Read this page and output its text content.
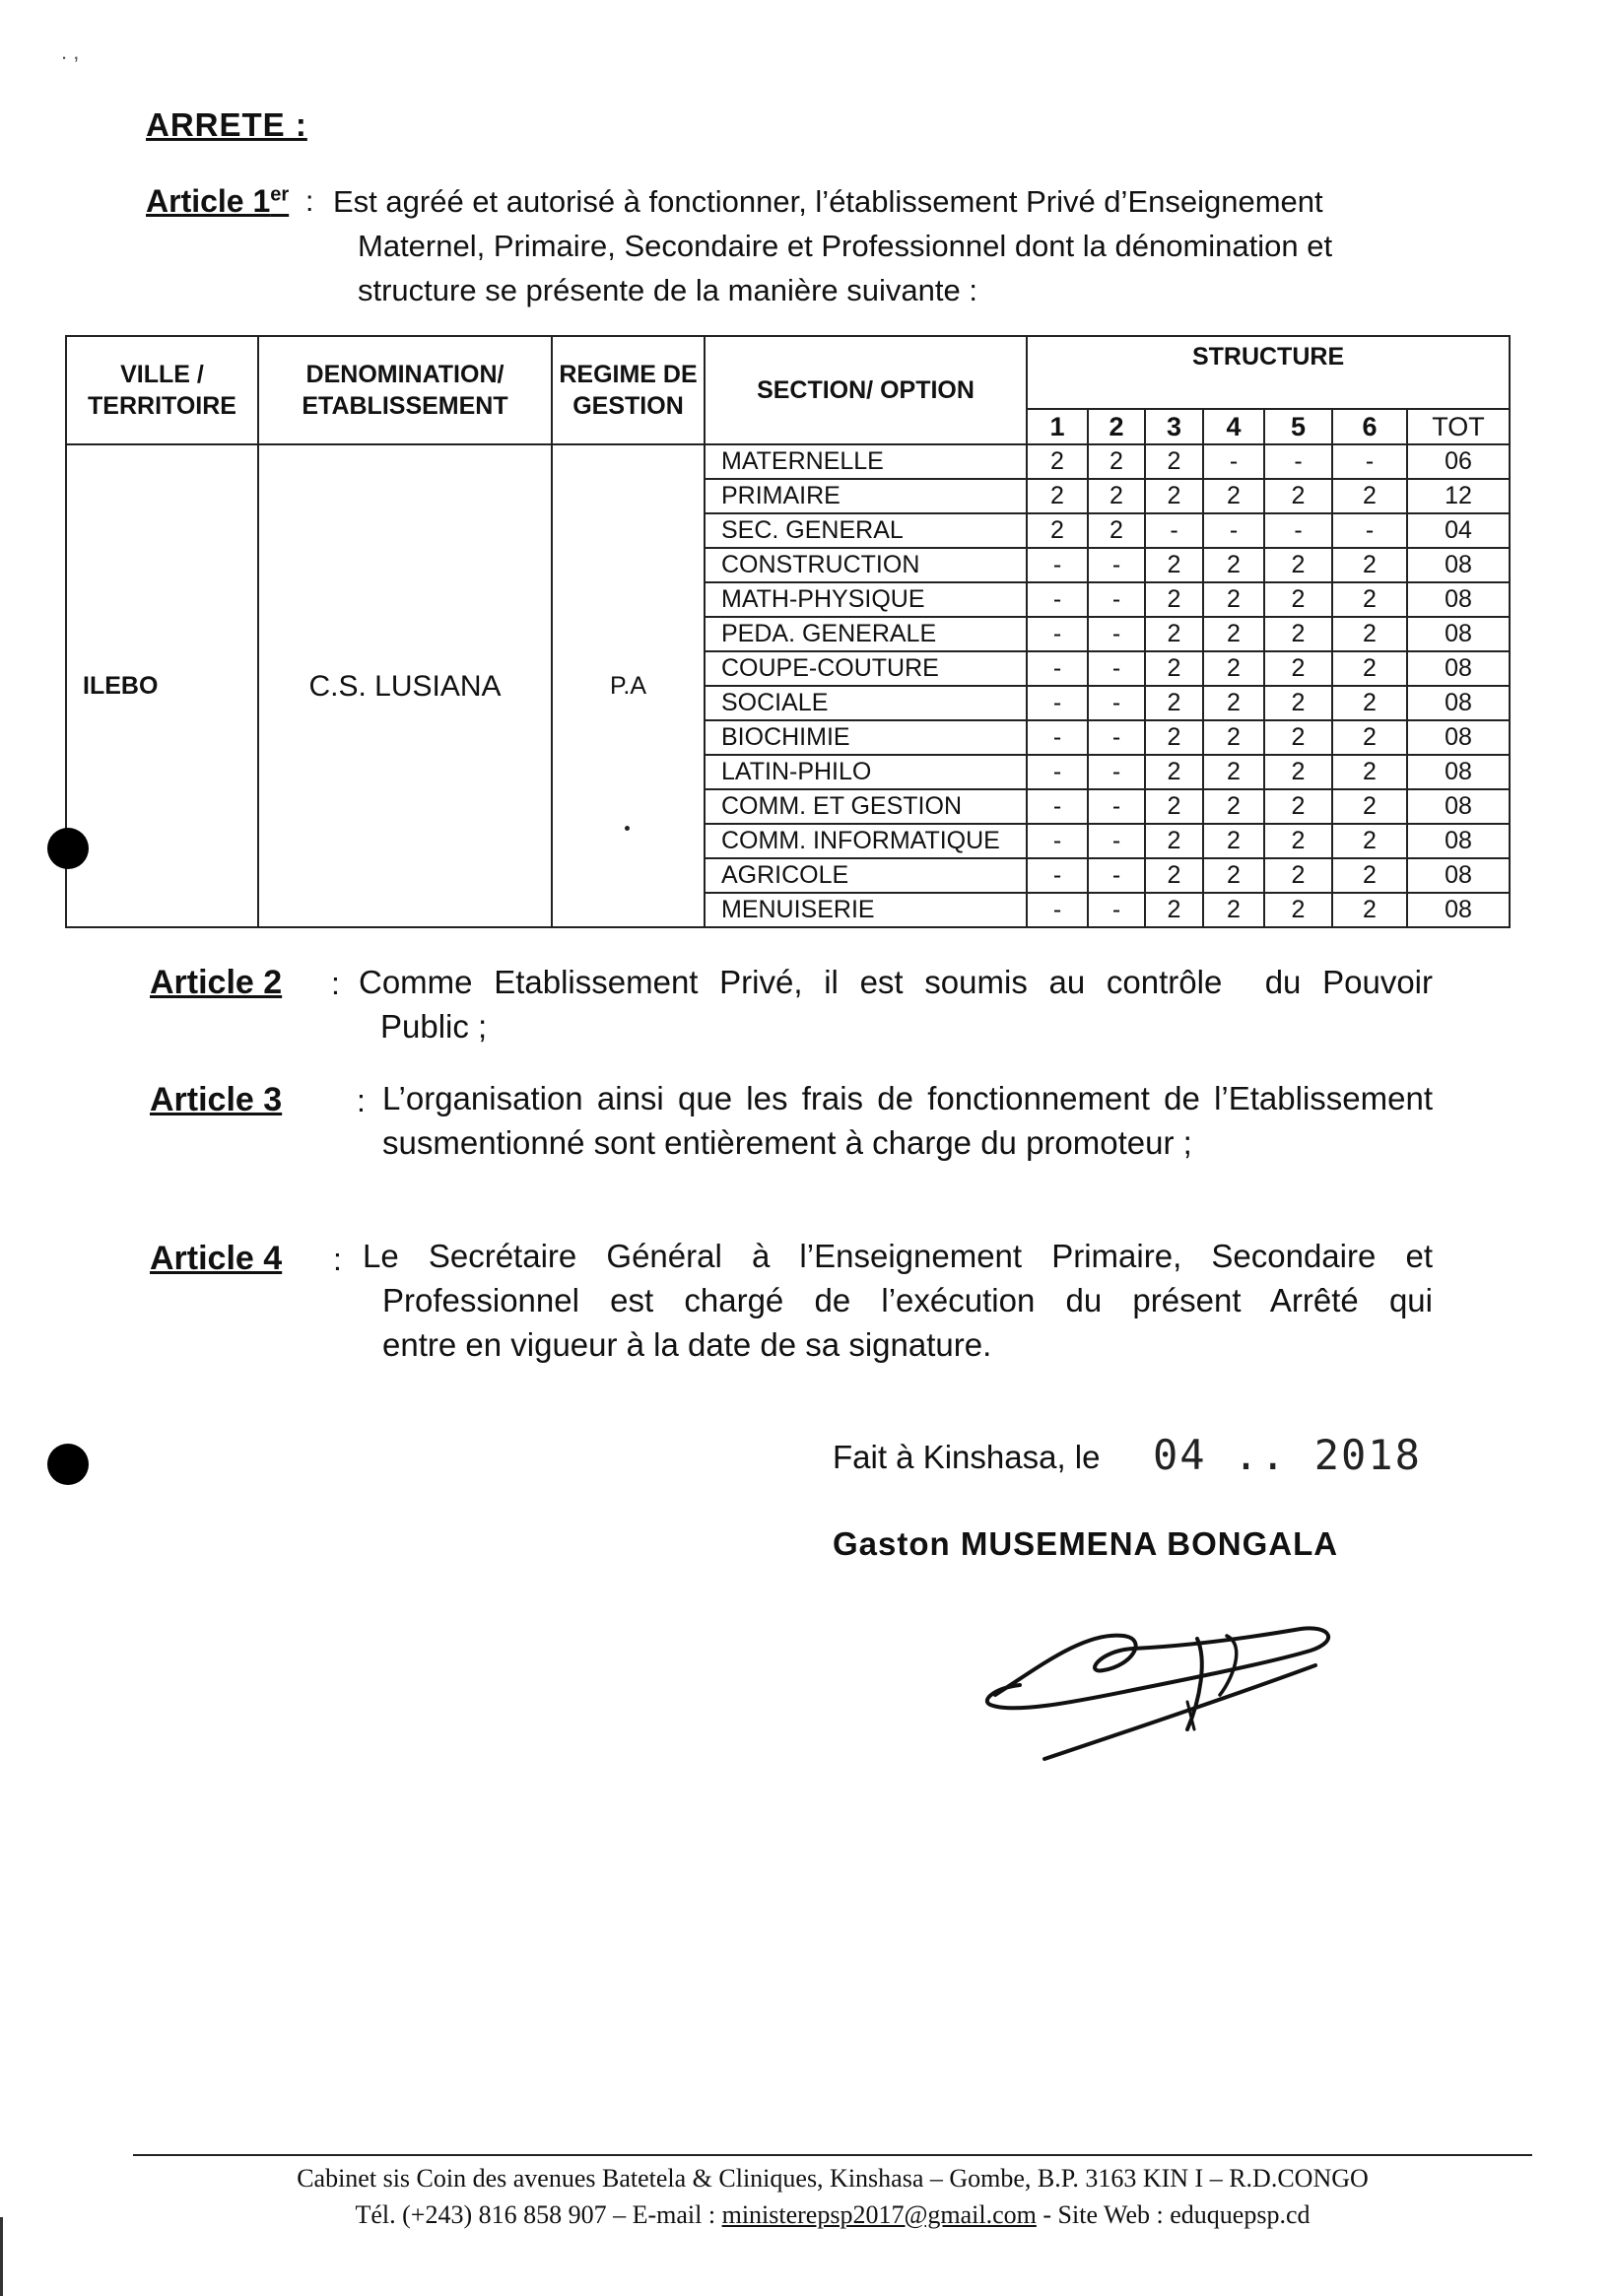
. ,
ARRETE :
Article 1er : Est agréé et autorisé à fonctionner, l’établissement Privé d’Enseignement
Maternel, Primaire, Secondaire et Professionnel dont la dénomination et
structure se présente de la manière suivante :
VILLE / TERRITOIRE	DENOMINATION/ ETABLISSEMENT	REGIME DE GESTION	SECTION/ OPTION	STRUCTURE						
				1	2	3	4	5	6	TOT
ILEBO	C.S. LUSIANA	P.A	MATERNELLE	2	2	2	-	-	-	06
			PRIMAIRE	2	2	2	2	2	2	12
			SEC. GENERAL	2	2	-	-	-	-	04
			CONSTRUCTION	-	-	2	2	2	2	08
			MATH-PHYSIQUE	-	-	2	2	2	2	08
			PEDA. GENERALE	-	-	2	2	2	2	08
			COUPE-COUTURE	-	-	2	2	2	2	08
			SOCIALE	-	-	2	2	2	2	08
			BIOCHIMIE	-	-	2	2	2	2	08
			LATIN-PHILO	-	-	2	2	2	2	08
			COMM. ET GESTION	-	-	2	2	2	2	08
			COMM. INFORMATIQUE	-	-	2	2	2	2	08
			AGRICOLE	-	-	2	2	2	2	08
			MENUISERIE	-	-	2	2	2	2	08
Article 2 : Comme Etablissement Privé, il est soumis au contrôle  du Pouvoir
Public ;
Article 3 : L’organisation ainsi que les frais de fonctionnement de l’Etablissement susmentionné sont entièrement à charge du promoteur ;
Article 4 : Le Secrétaire Général à l’Enseignement Primaire, Secondaire et
Professionnel est chargé de l’exécution du présent Arrêté qui
entre en vigueur à la date de sa signature.
Fait à Kinshasa, le 04 .. 2018
Gaston MUSEMENA BONGALA
Cabinet sis Coin des avenues Batetela & Cliniques, Kinshasa – Gombe, B.P. 3163 KIN I – R.D.CONGO
Tél. (+243) 816 858 907 – E-mail : ministerepsp2017@gmail.com - Site Web : eduquepsp.cd
